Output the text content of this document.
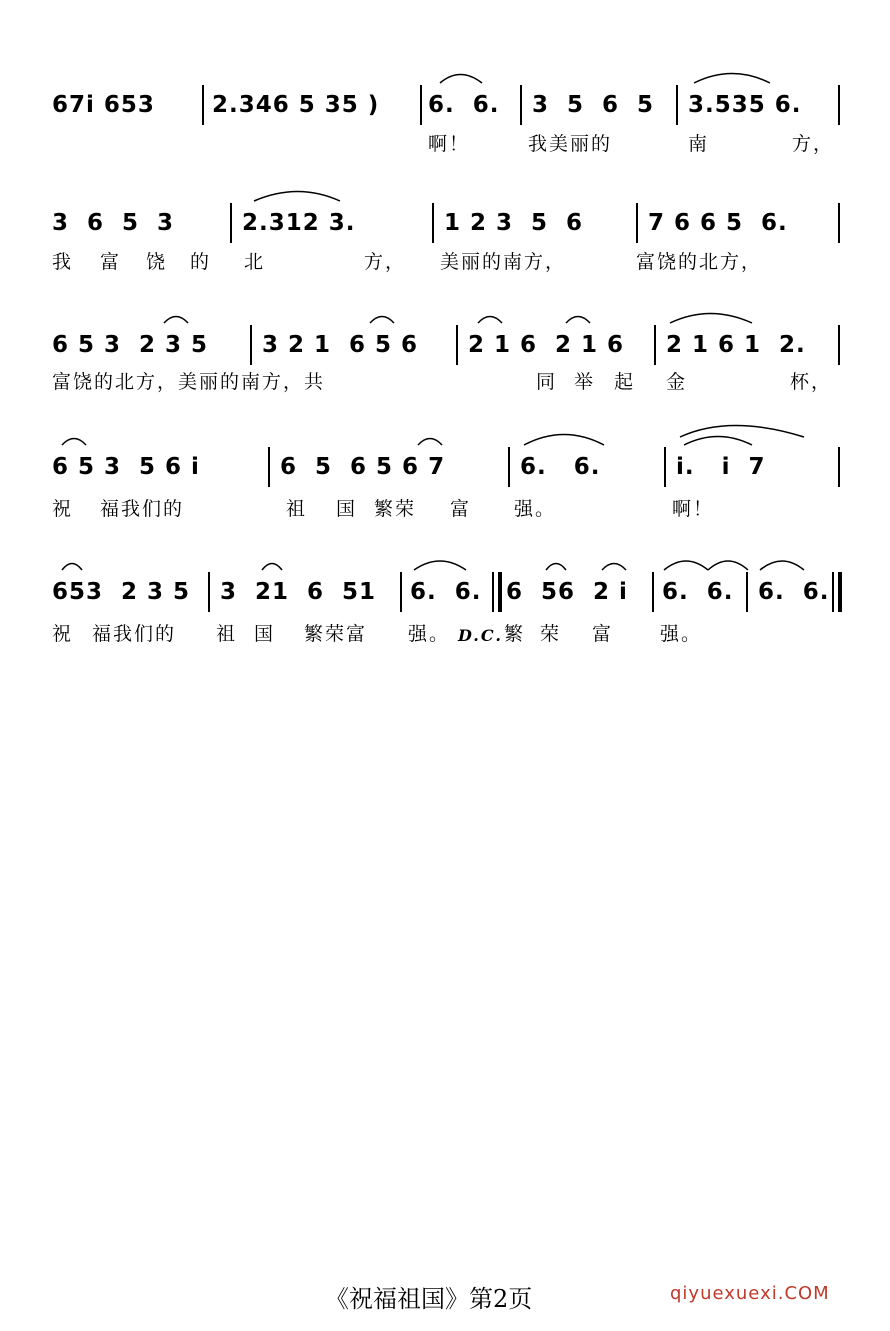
67i 653 2.346 5 35 ) 6.  6. 3  5  6  5 3.535 6.
啊！	我美丽的	南	方，
3  6  5  3	2.312 3.	1 2 3  5  6	7 6 6 5  6.
我 富 饶 的 北	方， 美丽的南方，	富饶的北方，
6 5 3  2 3 5 3 2 1  6 5 6 2 1 6  2 1 6 2 1 6 1  2.
富饶的北方，美丽的南方，共	同 举 起 金	杯，
6 5 3  5 6 i	6  5  6 5 6 7	6.   6.	i.   i  7
祝 福我们的	祖 国 繁荣 富 强。	啊！
653  2 3 5 3  21  6  51 6.  6. 6  56  2 i 6.  6. 6.  6.
祝 福我们的 祖 国 繁荣富 强。 D.C. 繁 荣 富 强。
《祝福祖国》第2页	qiyuexuexi.COM
